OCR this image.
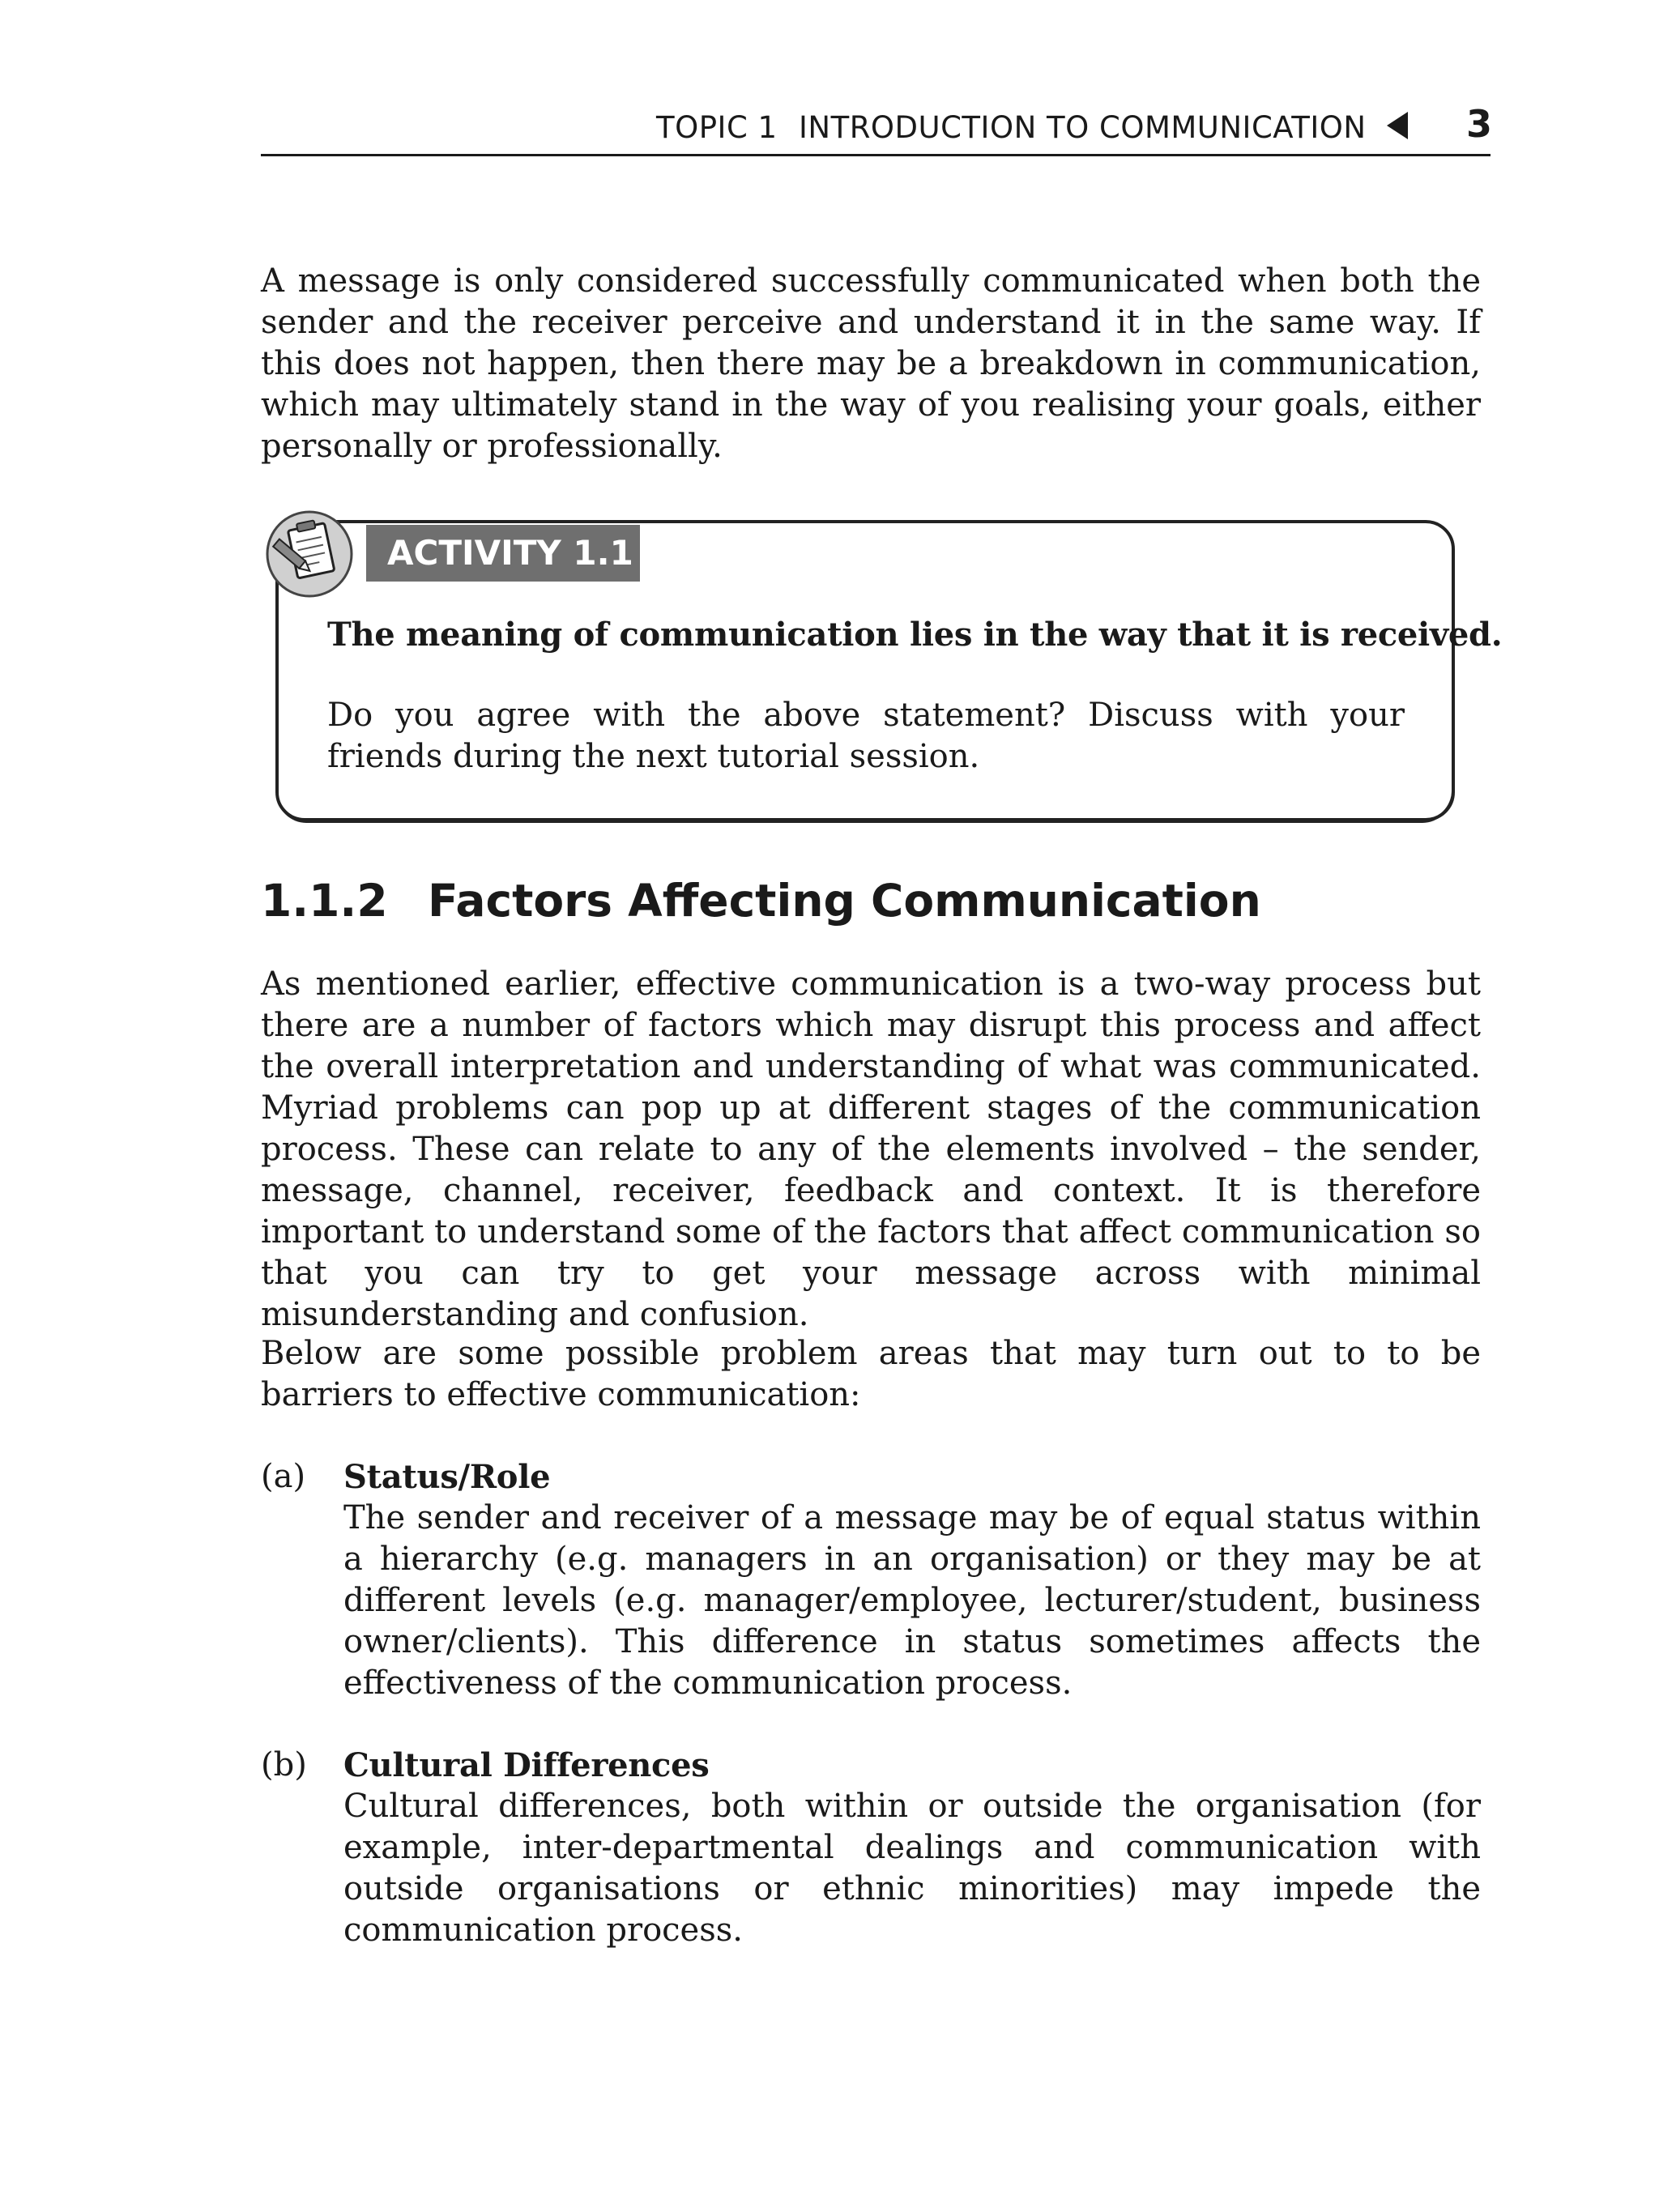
TOPIC 1 INTRODUCTION TO COMMUNICATION	3

A message is only considered successfully communicated when both the sender and the receiver perceive and understand it in the same way. If this does not happen, then there may be a breakdown in communication, which may ultimately stand in the way of you realising your goals, either personally or professionally.

ACTIVITY 1.1

The meaning of communication lies in the way that it is received.

Do you agree with the above statement? Discuss with your friends during the next tutorial session.

1.1.2 Factors Affecting Communication

As mentioned earlier, effective communication is a two-way process but there are a number of factors which may disrupt this process and affect the overall interpretation and understanding of what was communicated. Myriad problems can pop up at different stages of the communication process. These can relate to any of the elements involved – the sender, message, channel, receiver, feedback and context. It is therefore important to understand some of the factors that affect communication so that you can try to get your message across with minimal misunderstanding and confusion.

Below are some possible problem areas that may turn out to to be barriers to effective communication:

(a) Status/Role

The sender and receiver of a message may be of equal status within a hierarchy (e.g. managers in an organisation) or they may be at different levels (e.g. manager/employee, lecturer/student, business owner/clients). This difference in status sometimes affects the effectiveness of the communication process.

(b) Cultural Differences

Cultural differences, both within or outside the organisation (for example, inter-departmental dealings and communication with outside organisations or ethnic minorities) may impede the communication process.
